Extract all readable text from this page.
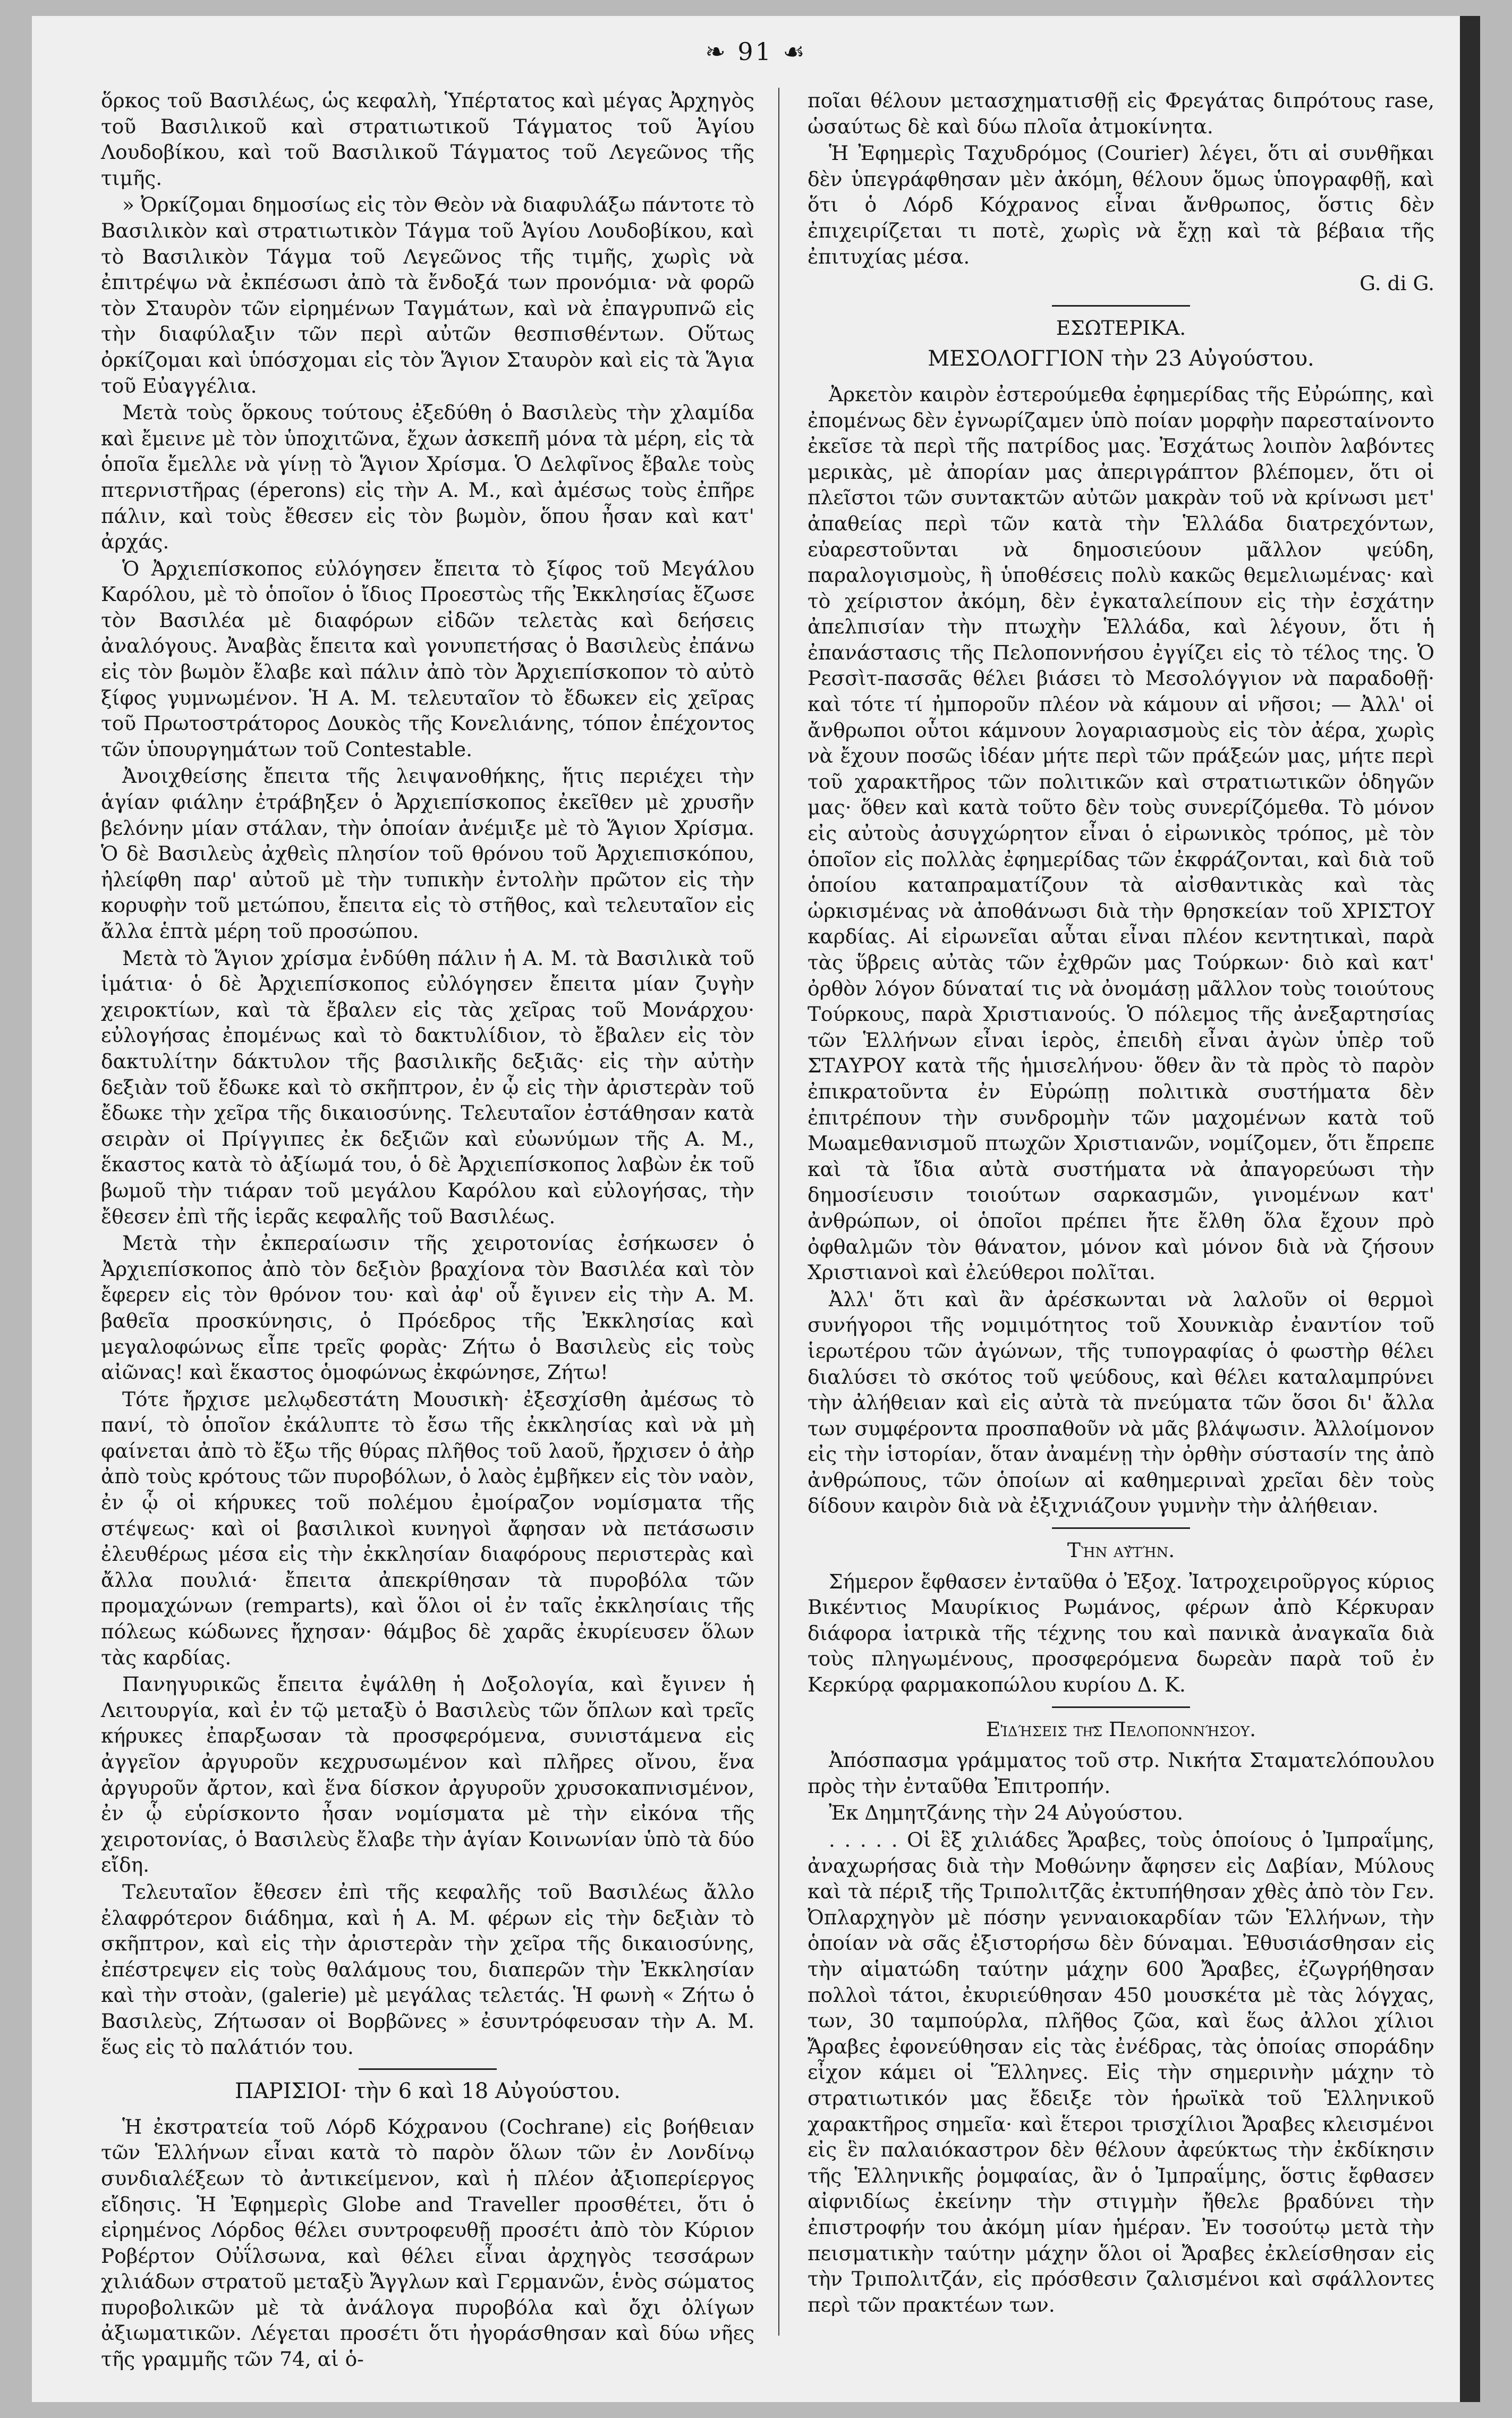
❧ 91 ☙

ὅρκος τοῦ Βασιλέως, ὡς κεφαλὴ, Ὑπέρτατος καὶ μέγας Ἀρχηγὸς τοῦ Βασιλικοῦ καὶ στρατιωτικοῦ Τάγματος τοῦ Ἁγίου Λουδοβίκου, καὶ τοῦ Βασιλικοῦ Τάγματος τοῦ Λεγεῶνος τῆς τιμῆς.

» Ὀρκίζομαι δημοσίως εἰς τὸν Θεὸν νὰ διαφυλάξω πάντοτε τὸ Βασιλικὸν καὶ στρατιωτικὸν Τάγμα τοῦ Ἁγίου Λουδοβίκου, καὶ τὸ Βασιλικὸν Τάγμα τοῦ Λεγεῶνος τῆς τιμῆς, χωρὶς νὰ ἐπιτρέψω νὰ ἐκπέσωσι ἀπὸ τὰ ἔνδοξά των προνόμια· νὰ φορῶ τὸν Σταυρὸν τῶν εἰρημένων Ταγμάτων, καὶ νὰ ἐπαγρυπνῶ εἰς τὴν διαφύλαξιν τῶν περὶ αὐτῶν θεσπισθέντων. Οὕτως ὀρκίζομαι καὶ ὑπόσχομαι εἰς τὸν Ἅγιον Σταυρὸν καὶ εἰς τὰ Ἅγια τοῦ Εὐαγγέλια.

Μετὰ τοὺς ὅρκους τούτους ἐξεδύθη ὁ Βασιλεὺς τὴν χλαμίδα καὶ ἔμεινε μὲ τὸν ὑποχιτῶνα, ἔχων ἀσκεπῆ μόνα τὰ μέρη, εἰς τὰ ὁποῖα ἔμελλε νὰ γίνῃ τὸ Ἅγιον Χρίσμα. Ὁ Δελφῖνος ἔβαλε τοὺς πτερνιστῆρας (éperons) εἰς τὴν Α. Μ., καὶ ἀμέσως τοὺς ἐπῆρε πάλιν, καὶ τοὺς ἔθεσεν εἰς τὸν βωμὸν, ὅπου ἦσαν καὶ κατ' ἀρχάς.

Ὁ Ἀρχιεπίσκοπος εὐλόγησεν ἔπειτα τὸ ξίφος τοῦ Μεγάλου Καρόλου, μὲ τὸ ὁποῖον ὁ ἴδιος Προεστὼς τῆς Ἐκκλησίας ἔζωσε τὸν Βασιλέα μὲ διαφόρων εἰδῶν τελετὰς καὶ δεήσεις ἀναλόγους. Ἀναβὰς ἔπειτα καὶ γονυπετήσας ὁ Βασιλεὺς ἐπάνω εἰς τὸν βωμὸν ἔλαβε καὶ πάλιν ἀπὸ τὸν Ἀρχιεπίσκοπον τὸ αὐτὸ ξίφος γυμνωμένον. Ἡ Α. Μ. τελευταῖον τὸ ἔδωκεν εἰς χεῖρας τοῦ Πρωτοστράτορος Δουκὸς τῆς Κονελιάνης, τόπον ἐπέχοντος τῶν ὑπουργημάτων τοῦ Contestable.

Ἀνοιχθείσης ἔπειτα τῆς λειψανοθήκης, ἥτις περιέχει τὴν ἁγίαν φιάλην ἐτράβηξεν ὁ Ἀρχιεπίσκοπος ἐκεῖθεν μὲ χρυσῆν βελόνην μίαν στάλαν, τὴν ὁποίαν ἀνέμιξε μὲ τὸ Ἅγιον Χρίσμα. Ὁ δὲ Βασιλεὺς ἀχθεὶς πλησίον τοῦ θρόνου τοῦ Ἀρχιεπισκόπου, ἠλείφθη παρ' αὐτοῦ μὲ τὴν τυπικὴν ἐντολὴν πρῶτον εἰς τὴν κορυφὴν τοῦ μετώπου, ἔπειτα εἰς τὸ στῆθος, καὶ τελευταῖον εἰς ἄλλα ἑπτὰ μέρη τοῦ προσώπου.

Μετὰ τὸ Ἅγιον χρίσμα ἐνδύθη πάλιν ἡ Α. Μ. τὰ Βασιλικὰ τοῦ ἱμάτια· ὁ δὲ Ἀρχιεπίσκοπος εὐλόγησεν ἔπειτα μίαν ζυγὴν χειροκτίων, καὶ τὰ ἔβαλεν εἰς τὰς χεῖρας τοῦ Μονάρχου· εὐλογήσας ἐπομένως καὶ τὸ δακτυλίδιον, τὸ ἔβαλεν εἰς τὸν δακτυλίτην δάκτυλον τῆς βασιλικῆς δεξιᾶς· εἰς τὴν αὐτὴν δεξιὰν τοῦ ἔδωκε καὶ τὸ σκῆπτρον, ἐν ᾧ εἰς τὴν ἀριστερὰν τοῦ ἔδωκε τὴν χεῖρα τῆς δικαιοσύνης. Τελευταῖον ἐστάθησαν κατὰ σειρὰν οἱ Πρίγγιπες ἐκ δεξιῶν καὶ εὐωνύμων τῆς Α. Μ., ἕκαστος κατὰ τὸ ἀξίωμά του, ὁ δὲ Ἀρχιεπίσκοπος λαβὼν ἐκ τοῦ βωμοῦ τὴν τιάραν τοῦ μεγάλου Καρόλου καὶ εὐλογήσας, τὴν ἔθεσεν ἐπὶ τῆς ἱερᾶς κεφαλῆς τοῦ Βασιλέως.

Μετὰ τὴν ἐκπεραίωσιν τῆς χειροτονίας ἐσήκωσεν ὁ Ἀρχιεπίσκοπος ἀπὸ τὸν δεξιὸν βραχίονα τὸν Βασιλέα καὶ τὸν ἔφερεν εἰς τὸν θρόνον του· καὶ ἀφ' οὗ ἔγινεν εἰς τὴν Α. Μ. βαθεῖα προσκύνησις, ὁ Πρόεδρος τῆς Ἐκκλησίας καὶ μεγαλοφώνως εἶπε τρεῖς φορὰς· Ζήτω ὁ Βασιλεὺς εἰς τοὺς αἰῶνας! καὶ ἕκαστος ὁμοφώνως ἐκφώνησε, Ζήτω!

Τότε ἤρχισε μελῳδεστάτη Μουσικὴ· ἐξεσχίσθη ἀμέσως τὸ πανί, τὸ ὁποῖον ἐκάλυπτε τὸ ἔσω τῆς ἐκκλησίας καὶ νὰ μὴ φαίνεται ἀπὸ τὸ ἔξω τῆς θύρας πλῆθος τοῦ λαοῦ, ἤρχισεν ὁ ἀὴρ ἀπὸ τοὺς κρότους τῶν πυροβόλων, ὁ λαὸς ἐμβῆκεν εἰς τὸν ναὸν, ἐν ᾧ οἱ κήρυκες τοῦ πολέμου ἐμοίραζον νομίσματα τῆς στέψεως· καὶ οἱ βασιλικοὶ κυνηγοὶ ἄφησαν νὰ πετάσωσιν ἐλευθέρως μέσα εἰς τὴν ἐκκλησίαν διαφόρους περιστερὰς καὶ ἄλλα πουλιά· ἔπειτα ἀπεκρίθησαν τὰ πυροβόλα τῶν προμαχώνων (remparts), καὶ ὅλοι οἱ ἐν ταῖς ἐκκλησίαις τῆς πόλεως κώδωνες ἤχησαν· θάμβος δὲ χαρᾶς ἐκυρίευσεν ὅλων τὰς καρδίας.

Πανηγυρικῶς ἔπειτα ἐψάλθη ἡ Δοξολογία, καὶ ἔγινεν ἡ Λειτουργία, καὶ ἐν τῷ μεταξὺ ὁ Βασιλεὺς τῶν ὅπλων καὶ τρεῖς κήρυκες ἐπαρξωσαν τὰ προσφερόμενα, συνιστάμενα εἰς ἀγγεῖον ἀργυροῦν κεχρυσωμένον καὶ πλῆρες οἴνου, ἕνα ἀργυροῦν ἄρτον, καὶ ἕνα δίσκον ἀργυροῦν χρυσοκαπνισμένον, ἐν ᾧ εὑρίσκοντο ἦσαν νομίσματα μὲ τὴν εἰκόνα τῆς χειροτονίας, ὁ Βασιλεὺς ἔλαβε τὴν ἁγίαν Κοινωνίαν ὑπὸ τὰ δύο εἴδη.

Τελευταῖον ἔθεσεν ἐπὶ τῆς κεφαλῆς τοῦ Βασιλέως ἄλλο ἐλαφρότερον διάδημα, καὶ ἡ Α. Μ. φέρων εἰς τὴν δεξιὰν τὸ σκῆπτρον, καὶ εἰς τὴν ἀριστερὰν τὴν χεῖρα τῆς δικαιοσύνης, ἐπέστρεψεν εἰς τοὺς θαλάμους του, διαπερῶν τὴν Ἐκκλησίαν καὶ τὴν στοὰν, (galerie) μὲ μεγάλας τελετάς. Ἡ φωνὴ « Ζήτω ὁ Βασιλεὺς, Ζήτωσαν οἱ Βορβῶνες » ἐσυντρόφευσαν τὴν Α. Μ. ἕως εἰς τὸ παλάτιόν του.

ΠΑΡΙΣΙΟΙ· τὴν 6 καὶ 18 Αὐγούστου.

Ἡ ἐκστρατεία τοῦ Λόρδ Κόχρανου (Cochrane) εἰς βοήθειαν τῶν Ἑλλήνων εἶναι κατὰ τὸ παρὸν ὅλων τῶν ἐν Λονδίνῳ συνδιαλέξεων τὸ ἀντικείμενον, καὶ ἡ πλέον ἀξιοπερίεργος εἴδησις. Ἡ Ἐφημερὶς Globe and Traveller προσθέτει, ὅτι ὁ εἰρημένος Λόρδος θέλει συντροφευθῇ προσέτι ἀπὸ τὸν Κύριον Ροβέρτον Οὐΐλσωνα, καὶ θέλει εἶναι ἀρχηγὸς τεσσάρων χιλιάδων στρατοῦ μεταξὺ Ἄγγλων καὶ Γερμανῶν, ἑνὸς σώματος πυροβολικῶν μὲ τὰ ἀνάλογα πυροβόλα καὶ ὄχι ὀλίγων ἀξιωματικῶν. Λέγεται προσέτι ὅτι ἠγοράσθησαν καὶ δύω νῆες τῆς γραμμῆς τῶν 74, αἱ ὁ-

ποῖαι θέλουν μετασχηματισθῇ εἰς Φρεγάτας διπρότους rase, ὡσαύτως δὲ καὶ δύω πλοῖα ἀτμοκίνητα.

Ἡ Ἐφημερὶς Ταχυδρόμος (Courier) λέγει, ὅτι αἱ συνθῆκαι δὲν ὑπεγράφθησαν μὲν ἀκόμη, θέλουν ὅμως ὑπογραφθῇ, καὶ ὅτι ὁ Λόρδ Κόχρανος εἶναι ἄνθρωπος, ὅστις δὲν ἐπιχειρίζεται τι ποτὲ, χωρὶς νὰ ἔχῃ καὶ τὰ βέβαια τῆς ἐπιτυχίας μέσα.

G. di G.

ΕΣΩΤΕΡΙΚΑ.

ΜΕΣΟΛΟΓΓΙΟΝ τὴν 23 Αὐγούστου.

Ἀρκετὸν καιρὸν ἐστερούμεθα ἐφημερίδας τῆς Εὐρώπης, καὶ ἐπομένως δὲν ἐγνωρίζαμεν ὑπὸ ποίαν μορφὴν παρεσταίνοντο ἐκεῖσε τὰ περὶ τῆς πατρίδος μας. Ἐσχάτως λοιπὸν λαβόντες μερικὰς, μὲ ἀπορίαν μας ἀπεριγράπτον βλέπομεν, ὅτι οἱ πλεῖστοι τῶν συντακτῶν αὐτῶν μακρὰν τοῦ νὰ κρίνωσι μετ' ἀπαθείας περὶ τῶν κατὰ τὴν Ἑλλάδα διατρεχόντων, εὐαρεστοῦνται νὰ δημοσιεύουν μᾶλλον ψεύδη, παραλογισμοὺς, ἢ ὑποθέσεις πολὺ κακῶς θεμελιωμένας· καὶ τὸ χείριστον ἀκόμη, δὲν ἐγκαταλείπουν εἰς τὴν ἐσχάτην ἀπελπισίαν τὴν πτωχὴν Ἑλλάδα, καὶ λέγουν, ὅτι ἡ ἐπανάστασις τῆς Πελοποννήσου ἐγγίζει εἰς τὸ τέλος της. Ὁ Ρεσσὶτ-πασσᾶς θέλει βιάσει τὸ Μεσολόγγιον νὰ παραδοθῇ· καὶ τότε τί ἠμποροῦν πλέον νὰ κάμουν αἱ νῆσοι; — Ἀλλ' οἱ ἄνθρωποι οὗτοι κάμνουν λογαριασμοὺς εἰς τὸν ἀέρα, χωρὶς νὰ ἔχουν ποσῶς ἰδέαν μήτε περὶ τῶν πράξεών μας, μήτε περὶ τοῦ χαρακτῆρος τῶν πολιτικῶν καὶ στρατιωτικῶν ὁδηγῶν μας· ὅθεν καὶ κατὰ τοῦτο δὲν τοὺς συνερίζόμεθα. Τὸ μόνον εἰς αὐτοὺς ἀσυγχώρητον εἶναι ὁ εἰρωνικὸς τρόπος, μὲ τὸν ὁποῖον εἰς πολλὰς ἐφημερίδας τῶν ἐκφράζονται, καὶ διὰ τοῦ ὁποίου καταπραματίζουν τὰ αἰσθαντικὰς καὶ τὰς ὡρκισμένας νὰ ἀποθάνωσι διὰ τὴν θρησκείαν τοῦ ΧΡΙΣΤΟΥ καρδίας. Αἱ εἰρωνεῖαι αὗται εἶναι πλέον κεντητικαὶ, παρὰ τὰς ὕβρεις αὐτὰς τῶν ἐχθρῶν μας Τούρκων· διὸ καὶ κατ' ὀρθὸν λόγον δύναταί τις νὰ ὀνομάσῃ μᾶλλον τοὺς τοιούτους Τούρκους, παρὰ Χριστιανούς. Ὁ πόλεμος τῆς ἀνεξαρτησίας τῶν Ἑλλήνων εἶναι ἱερὸς, ἐπειδὴ εἶναι ἀγὼν ὑπὲρ τοῦ ΣΤΑΥΡΟΥ κατὰ τῆς ἡμισελήνου· ὅθεν ἂν τὰ πρὸς τὸ παρὸν ἐπικρατοῦντα ἐν Εὐρώπῃ πολιτικὰ συστήματα δὲν ἐπιτρέπουν τὴν συνδρομὴν τῶν μαχομένων κατὰ τοῦ Μωαμεθανισμοῦ πτωχῶν Χριστιανῶν, νομίζομεν, ὅτι ἔπρεπε καὶ τὰ ἴδια αὐτὰ συστήματα νὰ ἀπαγορεύωσι τὴν δημοσίευσιν τοιούτων σαρκασμῶν, γινομένων κατ' ἀνθρώπων, οἱ ὁποῖοι πρέπει ἤτε ἔλθη ὅλα ἔχουν πρὸ ὀφθαλμῶν τὸν θάνατον, μόνον καὶ μόνον διὰ νὰ ζήσουν Χριστιανοὶ καὶ ἐλεύθεροι πολῖται.

Ἀλλ' ὅτι καὶ ἂν ἀρέσκωνται νὰ λαλοῦν οἱ θερμοὶ συνήγοροι τῆς νομιμότητος τοῦ Χουνκιὰρ ἐναντίον τοῦ ἱερωτέρου τῶν ἀγώνων, τῆς τυπογραφίας ὁ φωστὴρ θέλει διαλύσει τὸ σκότος τοῦ ψεύδους, καὶ θέλει καταλαμπρύνει τὴν ἀλήθειαν καὶ εἰς αὐτὰ τὰ πνεύματα τῶν ὅσοι δι' ἄλλα των συμφέροντα προσπαθοῦν νὰ μᾶς βλάψωσιν. Ἀλλοίμονον εἰς τὴν ἱστορίαν, ὅταν ἀναμένῃ τὴν ὀρθὴν σύστασίν της ἀπὸ ἀνθρώπους, τῶν ὁποίων αἱ καθημεριναὶ χρεῖαι δὲν τοὺς δίδουν καιρὸν διὰ νὰ ἐξιχνιάζουν γυμνὴν τὴν ἀλήθειαν.

Τὴν αὐτήν.

Σήμερον ἔφθασεν ἐνταῦθα ὁ Ἐξοχ. Ἰατροχειροῦργος κύριος Βικέντιος Μαυρίκιος Ρωμάνος, φέρων ἀπὸ Κέρκυραν διάφορα ἰατρικὰ τῆς τέχνης του καὶ πανικὰ ἀναγκαῖα διὰ τοὺς πληγωμένους, προσφερόμενα δωρεὰν παρὰ τοῦ ἐν Κερκύρᾳ φαρμακοπώλου κυρίου Δ. Κ.

Εἰδήσεις τῆς Πελοποννήσου.

Ἀπόσπασμα γράμματος τοῦ στρ. Νικήτα Σταματελόπουλου πρὸς τὴν ἐνταῦθα Ἐπιτροπήν.

Ἐκ Δημητζάνης τὴν 24 Αὐγούστου.

. . . . . Οἱ ἓξ χιλιάδες Ἄραβες, τοὺς ὁποίους ὁ Ἰμπραΐμης, ἀναχωρήσας διὰ τὴν Μοθώνην ἄφησεν εἰς Δαβίαν, Μύλους καὶ τὰ πέριξ τῆς Τριπολιτζᾶς ἐκτυπήθησαν χθὲς ἀπὸ τὸν Γεν. Ὀπλαρχηγὸν μὲ πόσην γενναιοκαρδίαν τῶν Ἑλλήνων, τὴν ὁποίαν νὰ σᾶς ἐξιστορήσω δὲν δύναμαι. Ἐθυσιάσθησαν εἰς τὴν αἱματώδη ταύτην μάχην 600 Ἄραβες, ἐζωγρήθησαν πολλοὶ τάτοι, ἐκυριεύθησαν 450 μουσκέτα μὲ τὰς λόγχας, των, 30 ταμπούρλα, πλῆθος ζῶα, καὶ ἕως ἀλλοι χίλιοι Ἄραβες ἐφονεύθησαν εἰς τὰς ἐνέδρας, τὰς ὁποίας σποράδην εἶχον κάμει οἱ Ἕλληνες. Εἰς τὴν σημερινὴν μάχην τὸ στρατιωτικόν μας ἔδειξε τὸν ἡρωϊκὰ τοῦ Ἑλληνικοῦ χαρακτῆρος σημεῖα· καὶ ἕτεροι τρισχίλιοι Ἄραβες κλεισμένοι εἰς ἓν παλαιόκαστρον δὲν θέλουν ἀφεύκτως τὴν ἐκδίκησιν τῆς Ἑλληνικῆς ῥομφαίας, ἂν ὁ Ἰμπραΐμης, ὅστις ἔφθασεν αἰφνιδίως ἐκείνην τὴν στιγμὴν ἤθελε βραδύνει τὴν ἐπιστροφήν του ἀκόμη μίαν ἡμέραν. Ἐν τοσούτῳ μετὰ τὴν πεισματικὴν ταύτην μάχην ὅλοι οἱ Ἄραβες ἐκλείσθησαν εἰς τὴν Τριπολιτζάν, εἰς πρόσθεσιν ζαλισμένοι καὶ σφάλλοντες περὶ τῶν πρακτέων των.
